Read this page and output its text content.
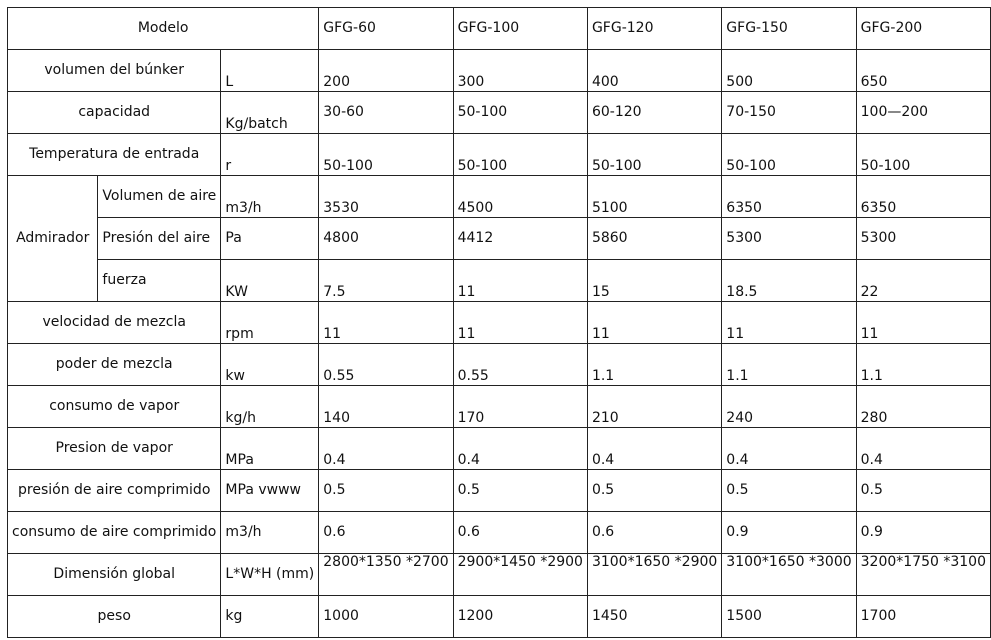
Modelo			GFG-60	GFG-100	GFG-120	GFG-150	GFG-200
volumen del búnker		L	200	300	400	500	650
capacidad		Kg/batch	30-60	50-100	60-120	70-150	100—200
Temperatura de entrada		r	50-100	50-100	50-100	50-100	50-100
Admirador	Volumen de aire	m3/h	3530	4500	5100	6350	6350
	Presión del aire	Pa	4800	4412	5860	5300	5300
	fuerza	KW	7.5	11	15	18.5	22
velocidad de mezcla		rpm	11	11	11	11	11
poder de mezcla		kw	0.55	0.55	1.1	1.1	1.1
consumo de vapor		kg/h	140	170	210	240	280
Presion de vapor		MPa	0.4	0.4	0.4	0.4	0.4
presión de aire comprimido		MPa vwww	0.5	0.5	0.5	0.5	0.5
consumo de aire comprimido		m3/h	0.6	0.6	0.6	0.9	0.9
Dimensión global		L*W*H (mm)	2800*1350 *2700	2900*1450 *2900	3100*1650 *2900	3100*1650 *3000	3200*1750 *3100
peso		kg	1000	1200	1450	1500	1700
